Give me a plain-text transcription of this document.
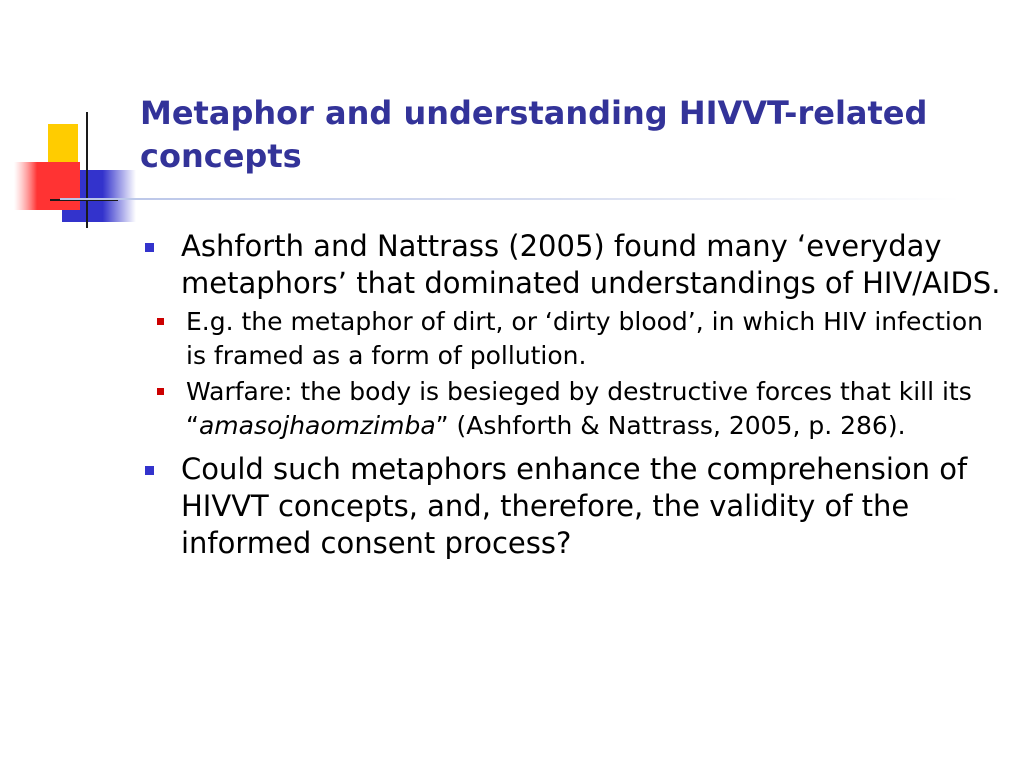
Metaphor and understanding HIVVT-related concepts
Ashforth and Nattrass (2005) found many ‘everyday metaphors’ that dominated understandings of HIV/AIDS.
E.g. the metaphor of dirt, or ‘dirty blood’, in which HIV infection is framed as a form of pollution.
Warfare: the body is besieged by destructive forces that kill its “amasojhaomzimba” (Ashforth & Nattrass, 2005, p. 286).
Could such metaphors enhance the comprehension of HIVVT concepts, and, therefore, the validity of the informed consent process?
